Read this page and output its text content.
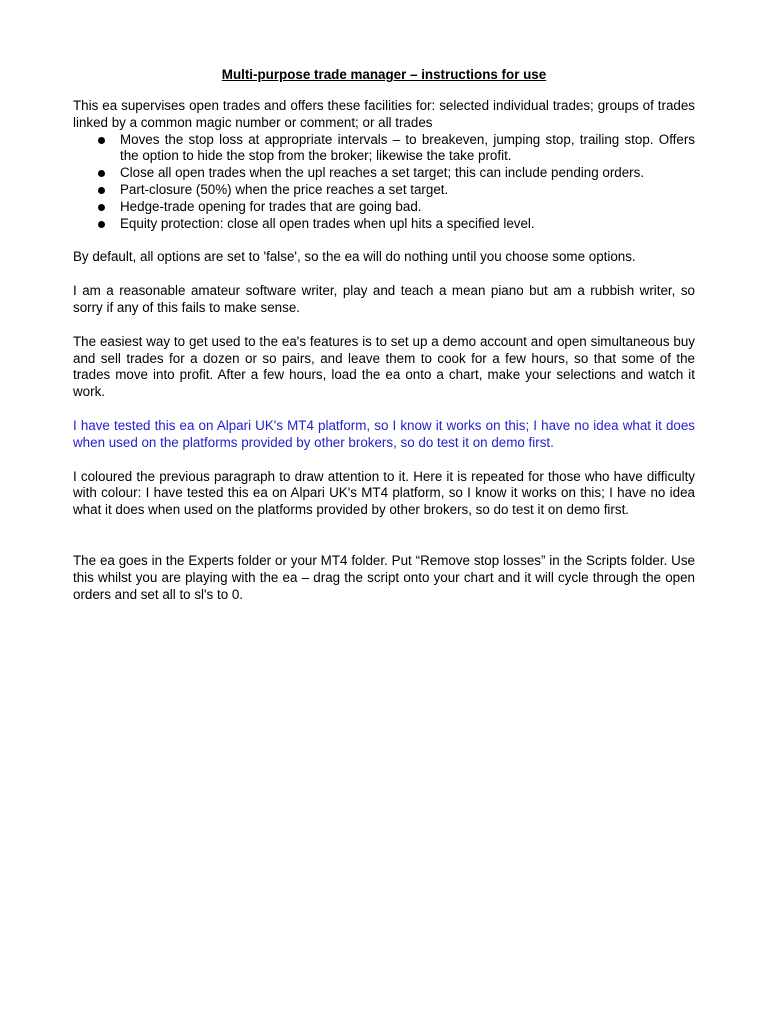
Multi-purpose trade manager – instructions for use
This ea supervises open trades and offers these facilities for: selected individual trades; groups of trades linked by a common magic number or comment; or all trades
Moves the stop loss at appropriate intervals – to breakeven, jumping stop, trailing stop. Offers the option to hide the stop from the broker; likewise the take profit.
Close all open trades when the upl reaches a set target; this can include pending orders.
Part-closure (50%) when the price reaches a set target.
Hedge-trade opening for trades that are going bad.
Equity protection: close all open trades when upl hits a specified level.
By default, all options are set to 'false', so the ea will do nothing until you choose some options.
I am a reasonable amateur software writer, play and teach a mean piano but am a rubbish writer, so sorry if any of this fails to make sense.
The easiest way to get used to the ea's features is to set up a demo account and open simultaneous buy and sell trades for a dozen or so pairs, and leave them to cook for a few hours, so that some of the trades move into profit. After a few hours, load the ea onto a chart, make your selections and watch it work.
I have tested this ea on Alpari UK's MT4 platform, so I know it works on this; I have no idea what it does when used on the platforms provided by other brokers, so do test it on demo first.
I coloured the previous paragraph to draw attention to it. Here it is repeated for those who have difficulty with colour: I have tested this ea on Alpari UK's MT4 platform, so I know it works on this; I have no idea what it does when used on the platforms provided by other brokers, so do test it on demo first.
The ea goes in the Experts folder or your MT4 folder. Put “Remove stop losses” in the Scripts folder. Use this whilst you are playing with the ea – drag the script onto your chart and it will cycle through the open orders and set all to sl's to 0.
